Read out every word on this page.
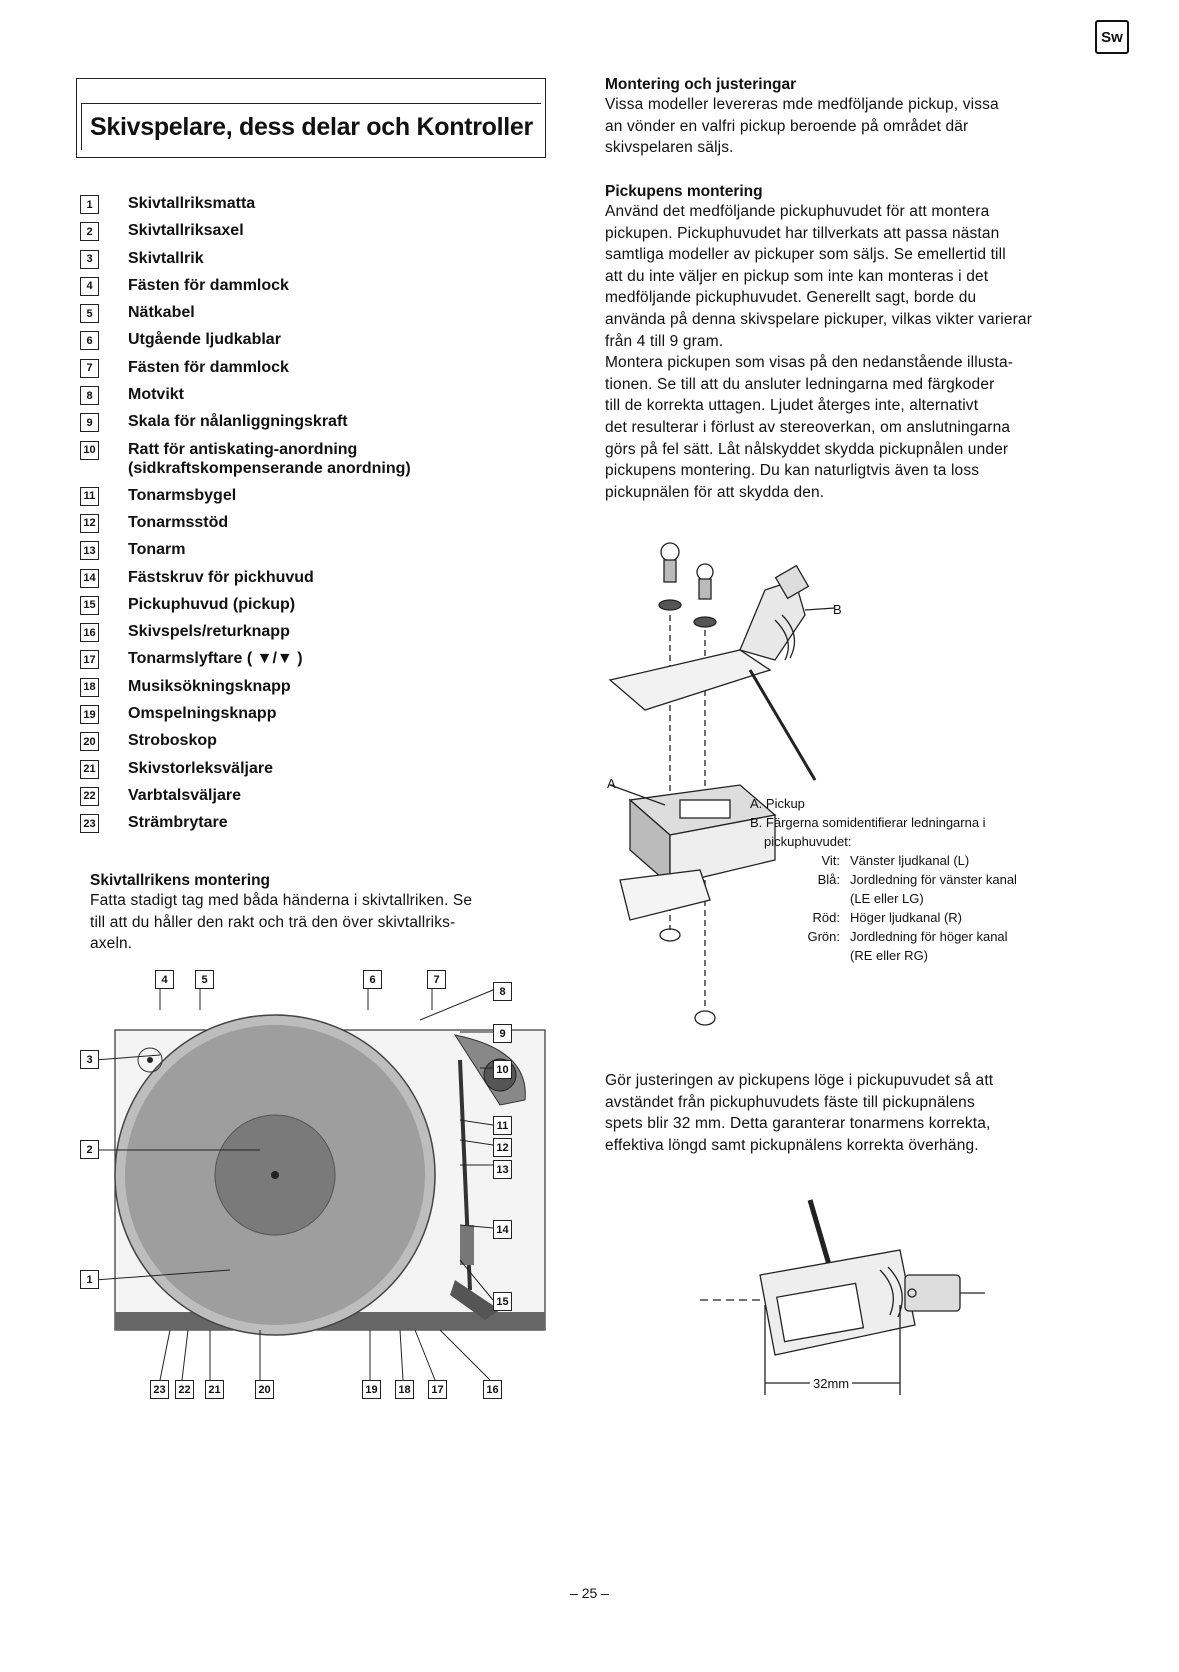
Sw
Skivspelare, dess delar och Kontroller
1	Skivtallriksmatta
2	Skivtallriksaxel
3	Skivtallrik
4	Fästen för dammlock
5	Nätkabel
6	Utgående ljudkablar
7	Fästen för dammlock
8	Motvikt
9	Skala för nålanliggningskraft
10 Ratt för antiskating-anordning
(sidkraftskompenserande anordning)
11 Tonarmsbygel
12 Tonarmsstöd
13 Tonarm
14 Fästskruv för pickhuvud
15 Pickuphuvud (pickup)
16 Skivspels/returknapp
17 Tonarmslyftare ( ▼/▼ )
18 Musiksökningsknapp
19 Omspelningsknapp
20 Stroboskop
21 Skivstorleksväljare
22 Varbtalsväljare
23 Strämbrytare
Skivtallrikens montering
Fatta stadigt tag med båda händerna i skivtallriken. Se
till att du håller den rakt och trä den över skivtallriks-
axeln.
4	5	6	7
8
9
10
11
12
13
14
15
3
2
1
23	22	21	20	19	18	17	16
Montering och justeringar
Vissa modeller levereras mde medföljande pickup, vissa
an vönder en valfri pickup beroende på området där
skivspelaren säljs.
Pickupens montering
Använd det medföljande pickuphuvudet för att montera
pickupen. Pickuphuvudet har tillverkats att passa nästan
samtliga modeller av pickuper som säljs. Se emellertid till
att du inte väljer en pickup som inte kan monteras i det
medföljande pickuphuvudet. Generellt sagt, borde du
använda på denna skivspelare pickuper, vilkas vikter varierar
från 4 till 9 gram.
Montera pickupen som visas på den nedanstående illusta-
tionen. Se till att du ansluter ledningarna med färgkoder
till de korrekta uttagen. Ljudet återges inte, alternativt
det resulterar i förlust av stereoverkan, om anslutningarna
görs på fel sätt. Låt nålskyddet skydda pickupnålen under
pickupens montering. Du kan naturligtvis även ta loss
pickupnälen för att skydda den.
A
B
A. Pickup
B. Färgerna somidentifierar ledningarna i
pickuphuvudet:
Vit:	Vänster ljudkanal (L)
Blå:	Jordledning för vänster kanal
(LE eller LG)
Röd:	Höger ljudkanal (R)
Grön:	Jordledning för höger kanal
(RE eller RG)
Gör justeringen av pickupens löge i pickupuvudet så att
avständet från pickuphuvudets fäste till pickupnälens
spets blir 32 mm. Detta garanterar tonarmens korrekta,
effektiva löngd samt pickupnälens korrekta överhäng.
32mm
– 25 –
